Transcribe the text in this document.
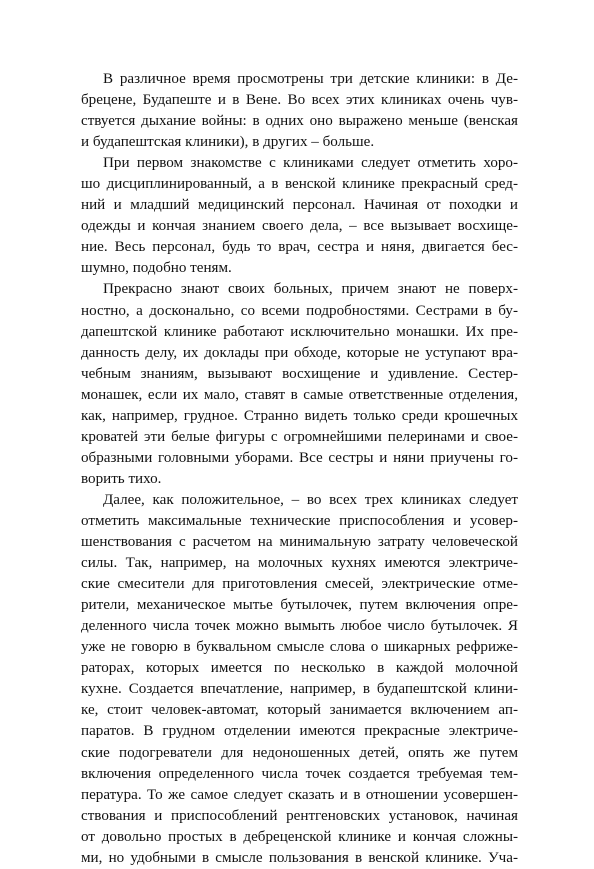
В различное время просмотрены три детские клиники: в Де-
брецене, Будапеште и в Вене. Во всех этих клиниках очень чув-
ствуется дыхание войны: в одних оно выражено меньше (венская
и будапештская клиники), в других – больше.
При первом знакомстве с клиниками следует отметить хоро-
шо дисциплинированный, а в венской клинике прекрасный сред-
ний и младший медицинский персонал. Начиная от походки и
одежды и кончая знанием своего дела, – все вызывает восхище-
ние. Весь персонал, будь то врач, сестра и няня, двигается бес-
шумно, подобно теням.
Прекрасно знают своих больных, причем знают не поверх-
ностно, а досконально, со всеми подробностями. Сестрами в бу-
дапештской клинике работают исключительно монашки. Их пре-
данность делу, их доклады при обходе, которые не уступают вра-
чебным знаниям, вызывают восхищение и удивление. Сестер-
монашек, если их мало, ставят в самые ответственные отделения,
как, например, грудное. Странно видеть только среди крошечных
кроватей эти белые фигуры с огромнейшими пелеринами и свое-
образными головными уборами. Все сестры и няни приучены го-
ворить тихо.
Далее, как положительное, – во всех трех клиниках следует
отметить максимальные технические приспособления и усовер-
шенствования с расчетом на минимальную затрату человеческой
силы. Так, например, на молочных кухнях имеются электриче-
ские смесители для приготовления смесей, электрические отме-
рители, механическое мытье бутылочек, путем включения опре-
деленного числа точек можно вымыть любое число бутылочек. Я
уже не говорю в буквальном смысле слова о шикарных рефриже-
раторах, которых имеется по несколько в каждой молочной
кухне. Создается впечатление, например, в будапештской клини-
ке, стоит человек-автомат, который занимается включением ап-
паратов. В грудном отделении имеются прекрасные электриче-
ские подогреватели для недоношенных детей, опять же путем
включения определенного числа точек создается требуемая тем-
пература. То же самое следует сказать и в отношении усовершен-
ствования и приспособлений рентгеновских установок, начиная
от довольно простых в дебреценской клинике и кончая сложны-
ми, но удобными в смысле пользования в венской клинике. Уча-
